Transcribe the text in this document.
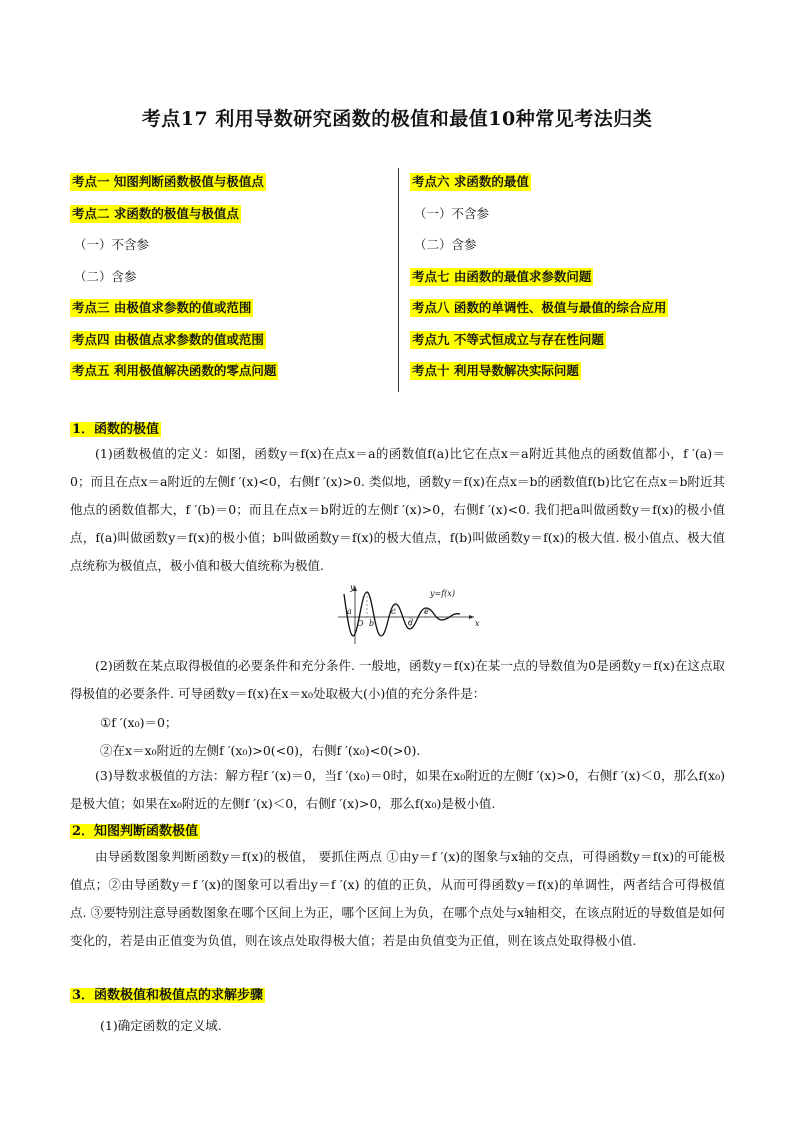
考点17 利用导数研究函数的极值和最值10种常见考法归类
考点一 知图判断函数极值与极值点
考点二 求函数的极值与极值点
（一）不含参
（二）含参
考点三 由极值求参数的值或范围
考点四 由极值点求参数的值或范围
考点五 利用极值解决函数的零点问题
考点六 求函数的最值
（一）不含参
（二）含参
考点七 由函数的最值求参数问题
考点八 函数的单调性、极值与最值的综合应用
考点九 不等式恒成立与存在性问题
考点十 利用导数解决实际问题
1．函数的极值
(1)函数极值的定义：如图，函数y＝f(x)在点x＝a的函数值f(a)比它在点x＝a附近其他点的函数值都小，f ′(a)＝0；而且在点x＝a附近的左侧f ′(x)<0，右侧f ′(x)>0. 类似地，函数y＝f(x)在点x＝b的函数值f(b)比它在点x＝b附近其他点的函数值都大，f ′(b)＝0；而且在点x＝b附近的左侧f ′(x)>0，右侧f ′(x)<0. 我们把a叫做函数y＝f(x)的极小值点，f(a)叫做函数y＝f(x)的极小值；b叫做函数y＝f(x)的极大值点，f(b)叫做函数y＝f(x)的极大值. 极小值点、极大值点统称为极值点，极小值和极大值统称为极值.
y=f(x)
y
x
O
a
b
c
d
e
(2)函数在某点取得极值的必要条件和充分条件. 一般地，函数y＝f(x)在某一点的导数值为0是函数y＝f(x)在这点取得极值的必要条件. 可导函数y＝f(x)在x＝x₀处取极大(小)值的充分条件是：
①f ′(x₀)＝0；
②在x＝x₀附近的左侧f ′(x₀)>0(<0)，右侧f ′(x₀)<0(>0).
(3)导数求极值的方法：解方程f ′(x)＝0，当f ′(x₀)＝0时，如果在x₀附近的左侧f ′(x)>0，右侧f ′(x)＜0，那么f(x₀)是极大值；如果在x₀附近的左侧f ′(x)＜0，右侧f ′(x)>0，那么f(x₀)是极小值.
2．知图判断函数极值
由导函数图象判断函数y＝f(x)的极值， 要抓住两点 ①由y＝f ′(x)的图象与x轴的交点，可得函数y＝f(x)的可能极值点；②由导函数y＝f ′(x)的图象可以看出y＝f ′(x) 的值的正负，从而可得函数y＝f(x)的单调性，两者结合可得极值点. ③要特别注意导函数图象在哪个区间上为正，哪个区间上为负，在哪个点处与x轴相交，在该点附近的导数值是如何变化的，若是由正值变为负值，则在该点处取得极大值；若是由负值变为正值，则在该点处取得极小值.
3．函数极值和极值点的求解步骤
(1)确定函数的定义域.
